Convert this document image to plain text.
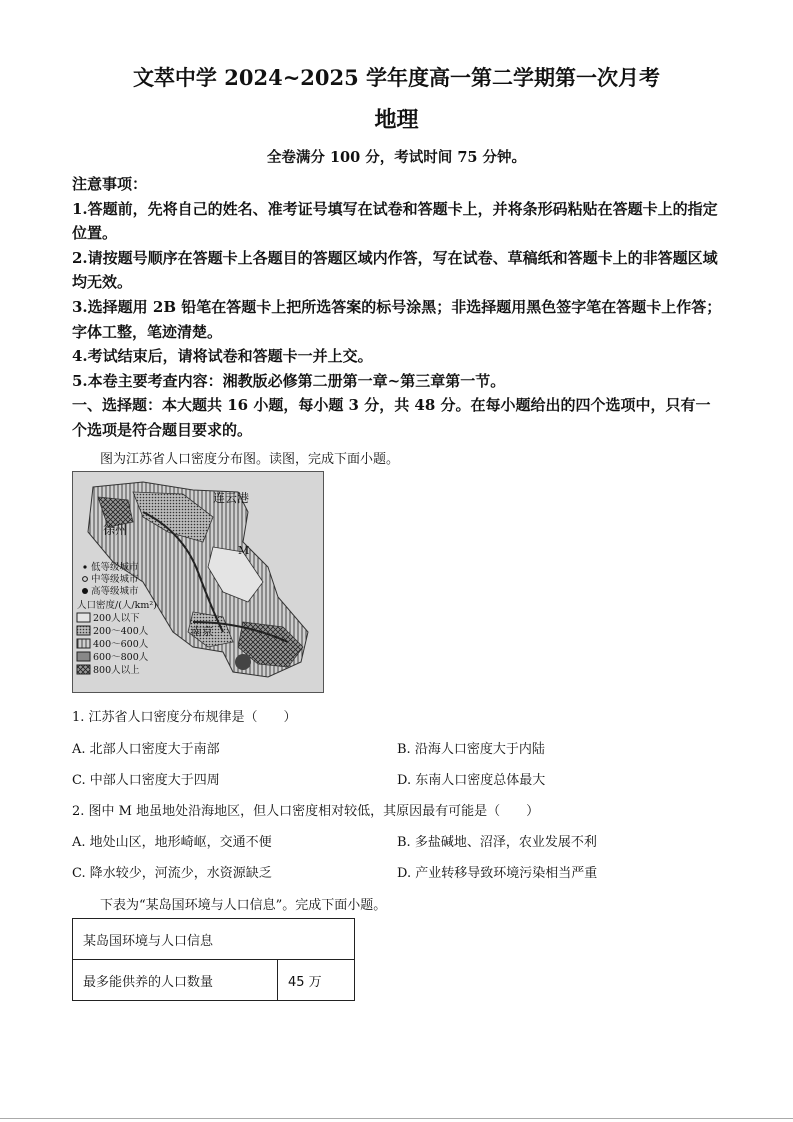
文萃中学 2024~2025 学年度高一第二学期第一次月考
地理
全卷满分 100 分，考试时间 75 分钟。

注意事项：

1.答题前，先将自己的姓名、准考证号填写在试卷和答题卡上，并将条形码粘贴在答题卡上的指定位置。

2.请按题号顺序在答题卡上各题目的答题区域内作答，写在试卷、草稿纸和答题卡上的非答题区域均无效。

3.选择题用 2B 铅笔在答题卡上把所选答案的标号涂黑；非选择题用黑色签字笔在答题卡上作答；字体工整，笔迹清楚。

4.考试结束后，请将试卷和答题卡一并上交。

5.本卷主要考查内容：湘教版必修第二册第一章~第三章第一节。

一、选择题：本大题共 16 小题，每小题 3 分，共 48 分。在每小题给出的四个选项中，只有一个选项是符合题目要求的。
图为江苏省人口密度分布图。读图，完成下面小题。
连云港
徐州
M
南京
低等级城市
中等级城市
高等级城市
人口密度/(人/km²)
200人以下
200～400人
400～600人
600～800人
800人以上
1. 江苏省人口密度分布规律是（　　）
A. 北部人口密度大于南部	B. 沿海人口密度大于内陆
C. 中部人口密度大于四周	D. 东南人口密度总体最大
2. 图中 M 地虽地处沿海地区，但人口密度相对较低，其原因最有可能是（　　）
A. 地处山区，地形崎岖，交通不便	B. 多盐碱地、沼泽，农业发展不利
C. 降水较少，河流少，水资源缺乏	D. 产业转移导致环境污染相当严重
下表为“某岛国环境与人口信息”。完成下面小题。
某岛国环境与人口信息
最多能供养的人口数量	45 万
